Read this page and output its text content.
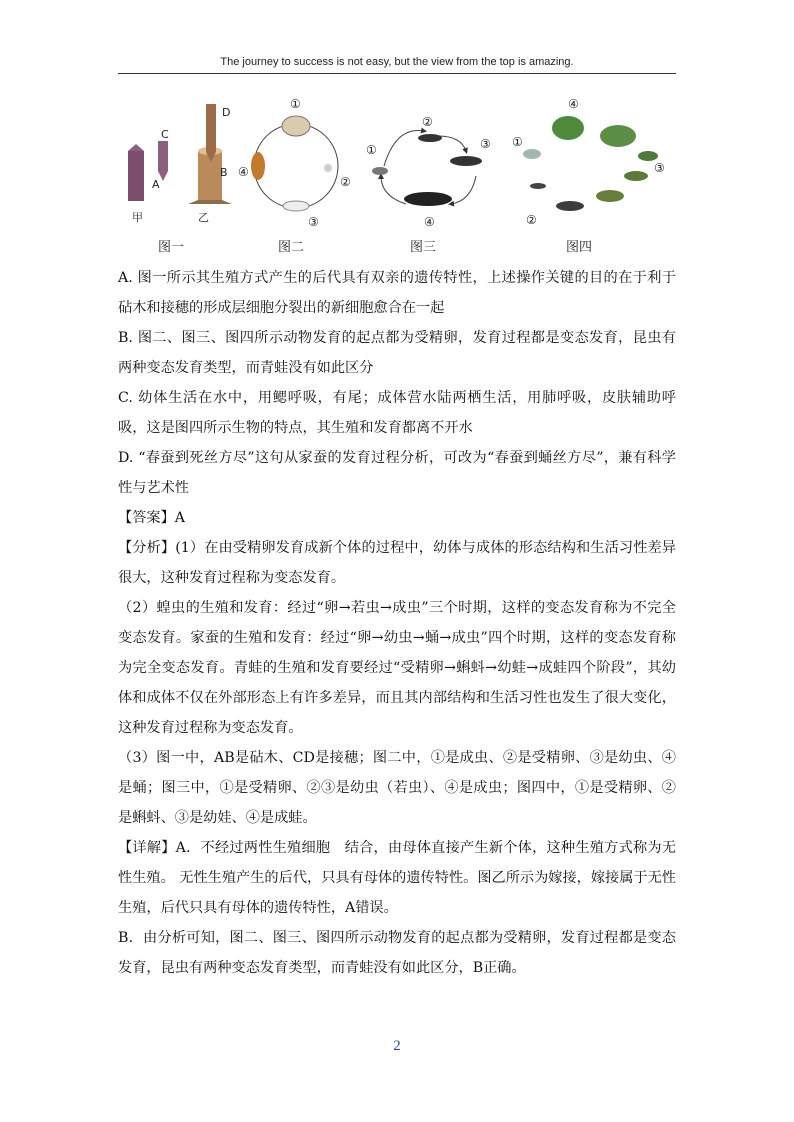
The journey to success is not easy, but the view from the top is amazing.
C
A
D
B
甲	乙
图一
①
②
③
④
图二
①
②
③
④
图三
④
①
②
③
图四

A. 图一所示其生殖方式产生的后代具有双亲的遗传特性，上述操作关键的目的在于利于砧木和接穗的形成层细胞分裂出的新细胞愈合在一起

B. 图二、图三、图四所示动物发育的起点都为受精卵，发育过程都是变态发育，昆虫有两种变态发育类型，而青蛙没有如此区分

C. 幼体生活在水中，用鳃呼吸，有尾；成体营水陆两栖生活，用肺呼吸，皮肤辅助呼吸，这是图四所示生物的特点，其生殖和发育都离不开水

D. “春蚕到死丝方尽”这句从家蚕的发育过程分析，可改为“春蚕到蛹丝方尽”，兼有科学性与艺术性

【答案】A

【分析】(1）在由受精卵发育成新个体的过程中，幼体与成体的形态结构和生活习性差异很大，这种发育过程称为变态发育。

（2）蝗虫的生殖和发育：经过“卵→若虫→成虫”三个时期，这样的变态发育称为不完全变态发育。家蚕的生殖和发育：经过“卵→幼虫→蛹→成虫”四个时期，这样的变态发育称为完全变态发育。青蛙的生殖和发育要经过“受精卵→蝌蚪→幼蛙→成蛙四个阶段”，其幼体和成体不仅在外部形态上有许多差异，而且其内部结构和生活习性也发生了很大变化，这种发育过程称为变态发育。

（3）图一中，AB是砧木、CD是接穗；图二中，①是成虫、②是受精卵、③是幼虫、④是蛹；图三中，①是受精卵、②③是幼虫（若虫）、④是成虫；图四中，①是受精卵、②是蝌蚪、③是幼娃、④是成蛙。

【详解】A．不经过两性生殖细胞　结合，由母体直接产生新个体，这种生殖方式称为无性生殖。 无性生殖产生的后代，只具有母体的遗传特性。图乙所示为嫁接，嫁接属于无性生殖，后代只具有母体的遗传特性，A错误。

B．由分析可知，图二、图三、图四所示动物发育的起点都为受精卵，发育过程都是变态发育，昆虫有两种变态发育类型，而青蛙没有如此区分，B正确。

2
